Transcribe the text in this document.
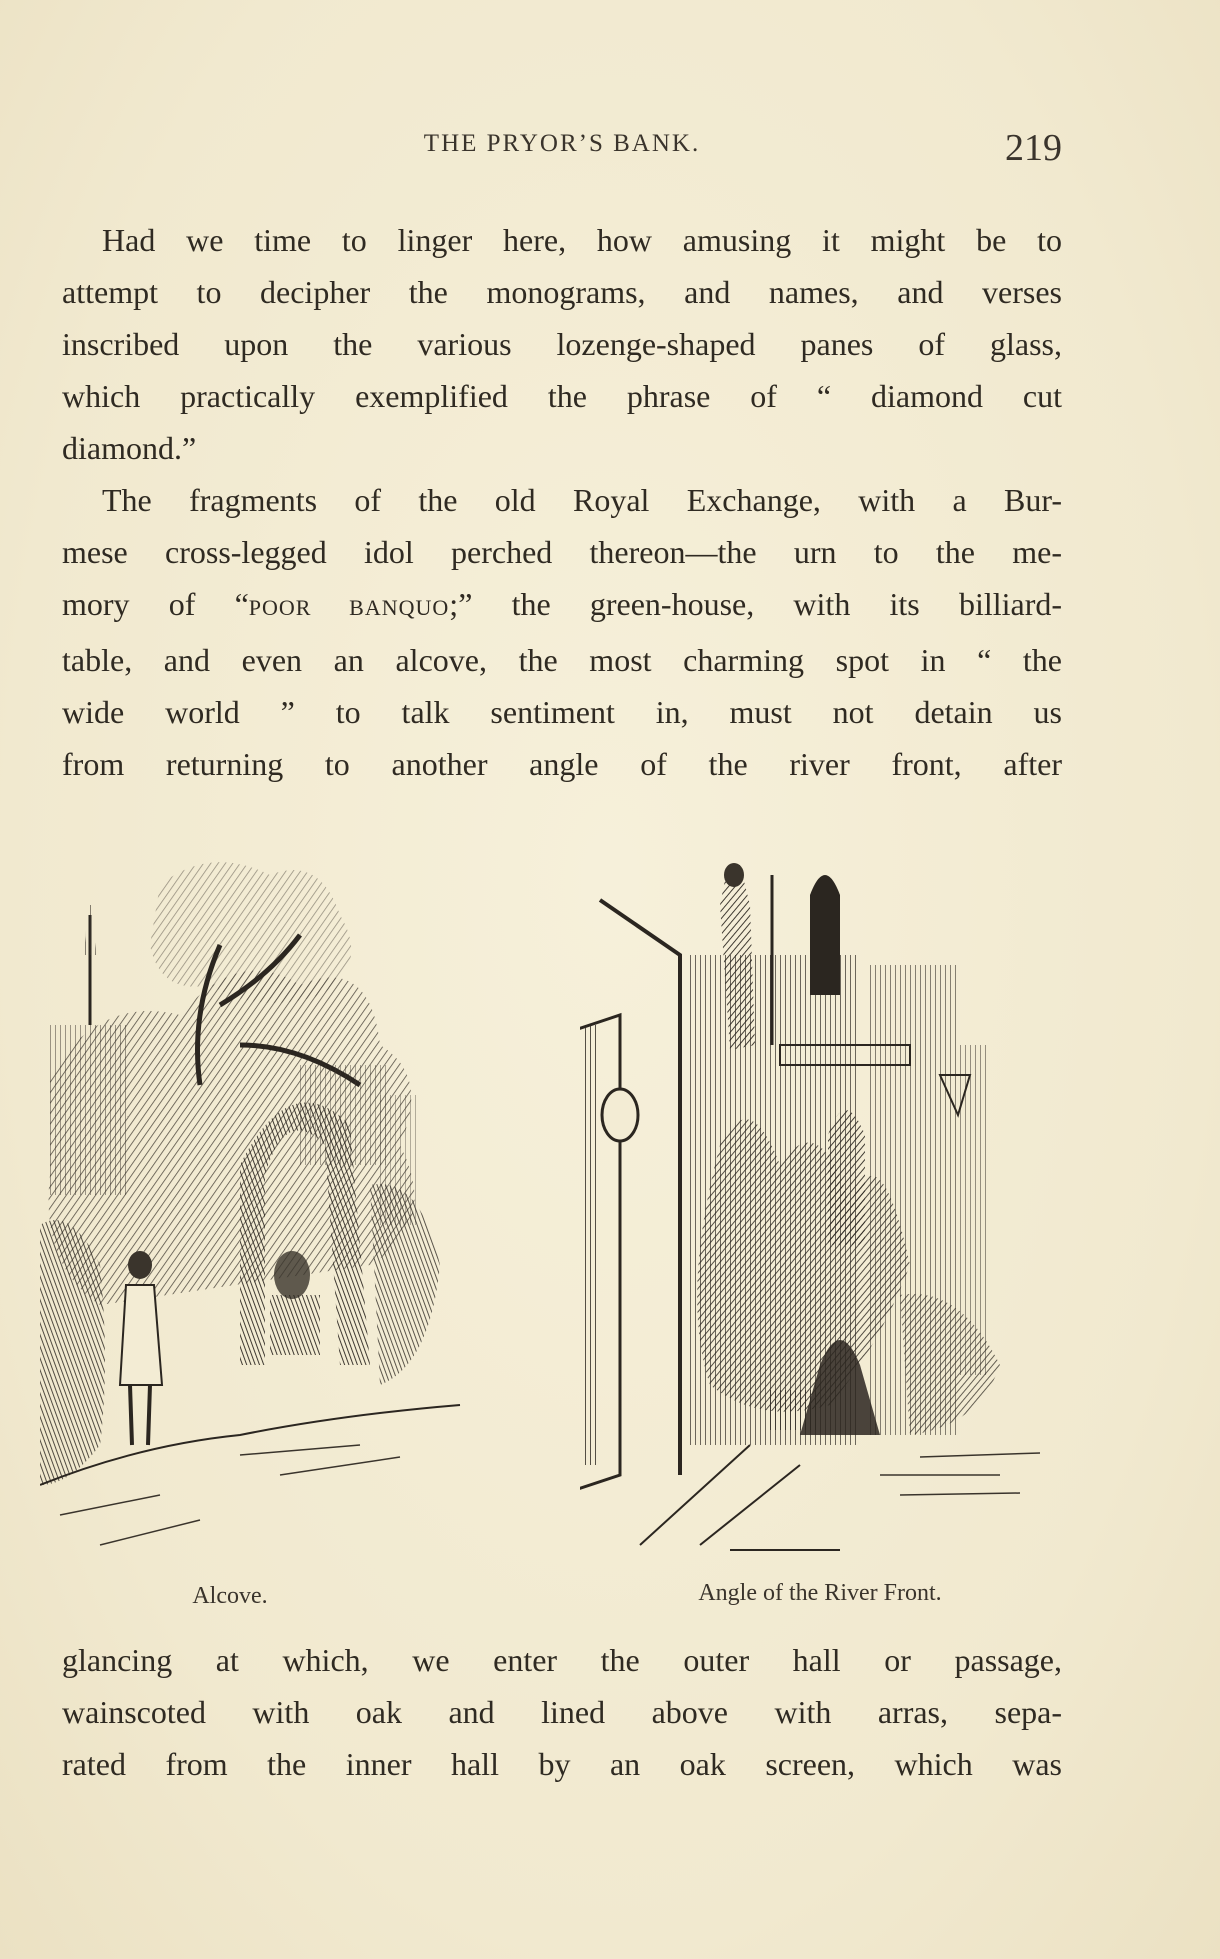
THE PRYOR’S BANK.	219

Had we time to linger here, how amusing it might be to

attempt to decipher the monograms, and names, and verses

inscribed upon the various lozenge-shaped panes of glass,

which practically exemplified the phrase of “ diamond cut

diamond.”

The fragments of the old Royal Exchange, with a Bur-

mese cross-legged idol perched thereon—the urn to the me-

mory of “POOR BANQUO;” the green-house, with its billiard-

table, and even an alcove, the most charming spot in “ the

wide world ” to talk sentiment in, must not detain us

from returning to another angle of the river front, after

Alcove.	Angle of the River Front.

glancing at which, we enter the outer hall or passage,

wainscoted with oak and lined above with arras, sepa-

rated from the inner hall by an oak screen, which was
